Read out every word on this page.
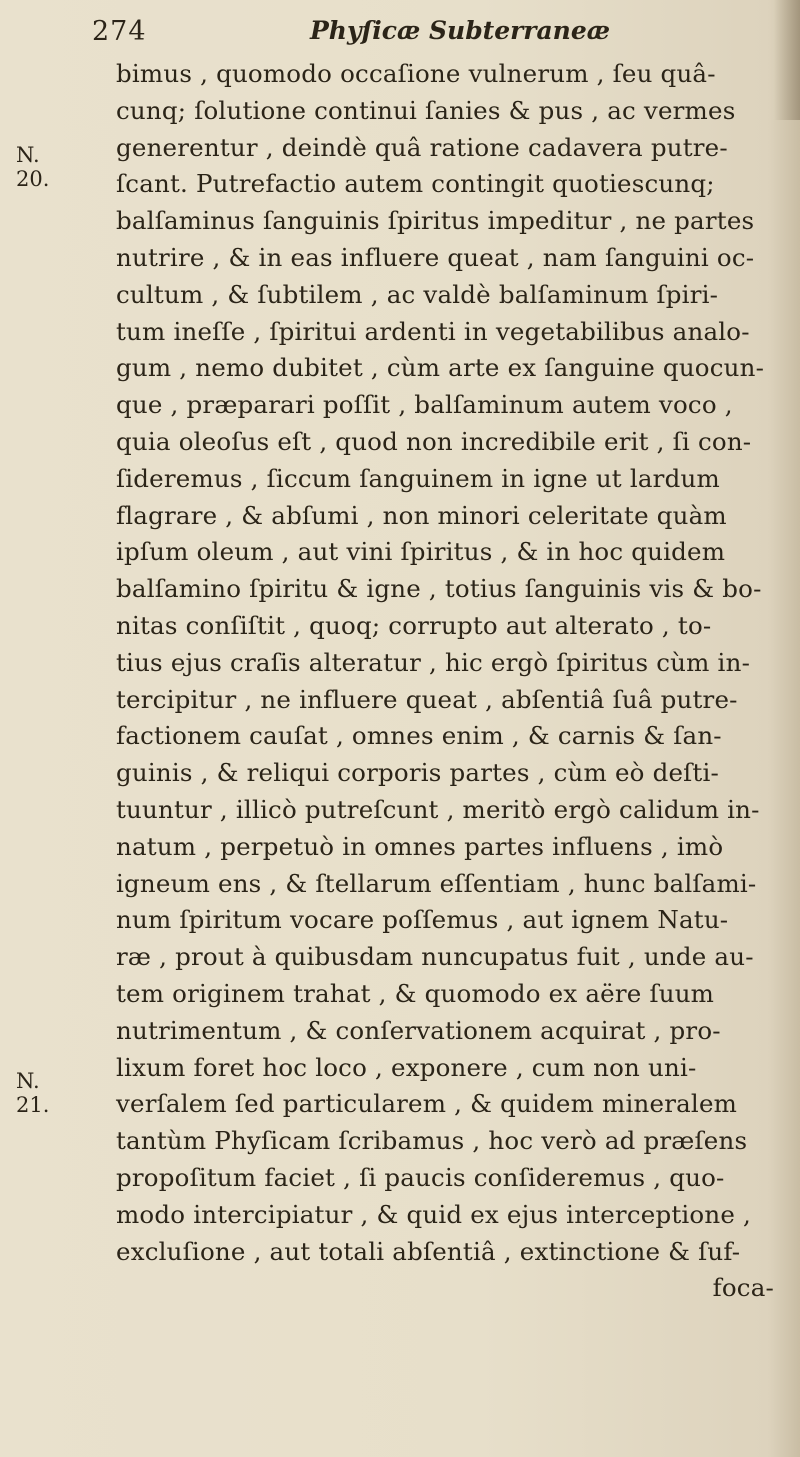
274	Phyſicæ Subterraneæ
N.
20.
N.
21.
bimus , quomodo occaſione vulnerum , ſeu quâ-
cunq; ſolutione continui ſanies & pus , ac vermes
generentur , deindè quâ ratione cadavera putre-
ſcant. Putrefactio autem contingit quotiescunq;
balſaminus ſanguinis ſpiritus impeditur , ne partes
nutrire , & in eas influere queat , nam ſanguini oc-
cultum , & ſubtilem , ac valdè balſaminum ſpiri-
tum ineſſe , ſpiritui ardenti in vegetabilibus analo-
gum , nemo dubitet , cùm arte ex ſanguine quocun-
que , præparari poſſit , balſaminum autem voco ,
quia oleoſus eſt , quod non incredibile erit , ſi con-
ſideremus , ſiccum ſanguinem in igne ut lardum
flagrare , & abſumi , non minori celeritate quàm
ipſum oleum , aut vini ſpiritus , & in hoc quidem
balſamino ſpiritu & igne , totius ſanguinis vis & bo-
nitas conſiſtit , quoq; corrupto aut alterato , to-
tius ejus craſis alteratur , hic ergò ſpiritus cùm in-
tercipitur , ne influere queat , abſentiâ ſuâ putre-
factionem cauſat , omnes enim , & carnis & ſan-
guinis , & reliqui corporis partes , cùm eò deſti-
tuuntur , illicò putreſcunt , meritò ergò calidum in-
natum , perpetuò in omnes partes influens , imò
igneum ens , & ſtellarum eſſentiam , hunc balſami-
num ſpiritum vocare poſſemus , aut ignem Natu-
ræ , prout à quibusdam nuncupatus fuit , unde au-
tem originem trahat , & quomodo ex aëre ſuum
nutrimentum , & conſervationem acquirat , pro-
lixum foret hoc loco , exponere , cum non uni-
verſalem ſed particularem , & quidem mineralem
tantùm Phyſicam ſcribamus , hoc verò ad præſens
propoſitum faciet , ſi paucis conſideremus , quo-
modo intercipiatur , & quid ex ejus interceptione ,
excluſione , aut totali abſentiâ , extinctione & ſuf-
foca-
